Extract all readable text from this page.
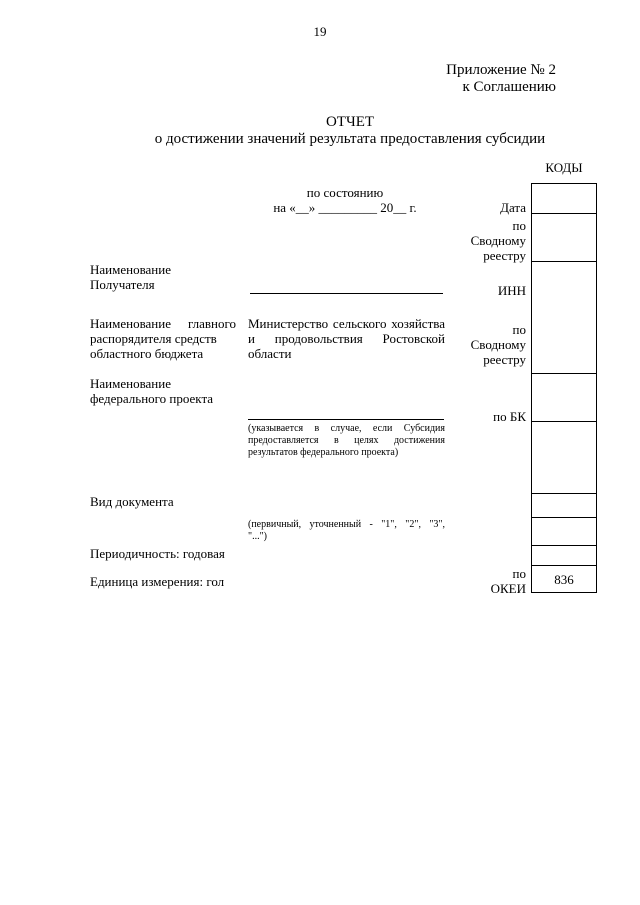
19
Приложение № 2
к Соглашению
ОТЧЕТ
о достижении значений результата предоставления субсидии
КОДЫ
по состоянию
на «__» _________ 20__ г.
Наименование
Получателя
Наименование главного
распорядителя средств
областного бюджета
Министерство сельского хозяйства
и продовольствия Ростовской
области
Наименование
федерального проекта
(указывается в случае, если Субсидия
предоставляется в целях достижения
результатов федерального проекта)
Вид документа
(первичный, уточненный - "1", "2", "3",
"...")
Периодичность: годовая
Единица измерения: гол
Дата
по
Сводному
реестру
ИНН
по
Сводному
реестру
по БК
по
ОКЕИ
836
